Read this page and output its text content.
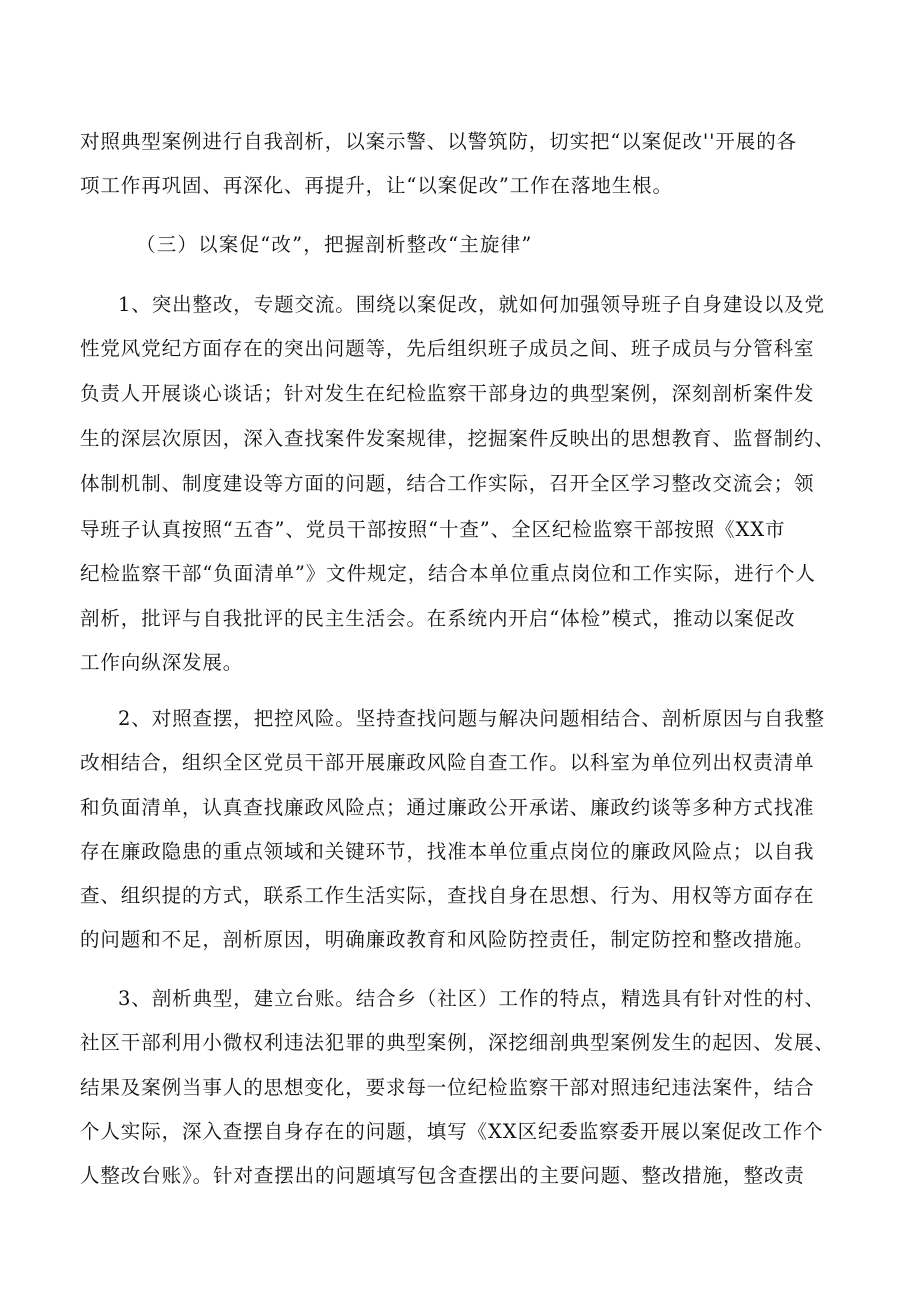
对照典型案例进行自我剖析，以案示警、以警筑防，切实把“以案促改''开展的各
项工作再巩固、再深化、再提升，让“以案促改”工作在落地生根。
（三）以案促“改”，把握剖析整改“主旋律”
1、突出整改，专题交流。围绕以案促改，就如何加强领导班子自身建设以及党
性党风党纪方面存在的突出问题等，先后组织班子成员之间、班子成员与分管科室
负责人开展谈心谈话；针对发生在纪检监察干部身边的典型案例，深刻剖析案件发
生的深层次原因，深入查找案件发案规律，挖掘案件反映出的思想教育、监督制约、
体制机制、制度建设等方面的问题，结合工作实际，召开全区学习整改交流会；领
导班子认真按照“五杳”、党员干部按照“十查”、全区纪检监察干部按照《XX市
纪检监察干部“负面清单”》文件规定，结合本单位重点岗位和工作实际，进行个人
剖析，批评与自我批评的民主生活会。在系统内开启“体检”模式，推动以案促改
工作向纵深发展。
2、对照查摆，把控风险。坚持查找问题与解决问题相结合、剖析原因与自我整
改相结合，组织全区党员干部开展廉政风险自查工作。以科室为单位列出权责清单
和负面清单，认真查找廉政风险点；通过廉政公开承诺、廉政约谈等多种方式找准
存在廉政隐患的重点领域和关键环节，找准本单位重点岗位的廉政风险点；以自我
查、组织提的方式，联系工作生活实际，查找自身在思想、行为、用权等方面存在
的问题和不足，剖析原因，明确廉政教育和风险防控责任，制定防控和整改措施。
3、剖析典型，建立台账。结合乡（社区）工作的特点，精选具有针对性的村、
社区干部利用小微权利违法犯罪的典型案例，深挖细剖典型案例发生的起因、发展、
结果及案例当事人的思想变化，要求每一位纪检监察干部对照违纪违法案件，结合
个人实际，深入查摆自身存在的问题，填写《XX区纪委监察委开展以案促改工作个
人整改台账》。针对查摆出的问题填写包含查摆出的主要问题、整改措施，整改责
